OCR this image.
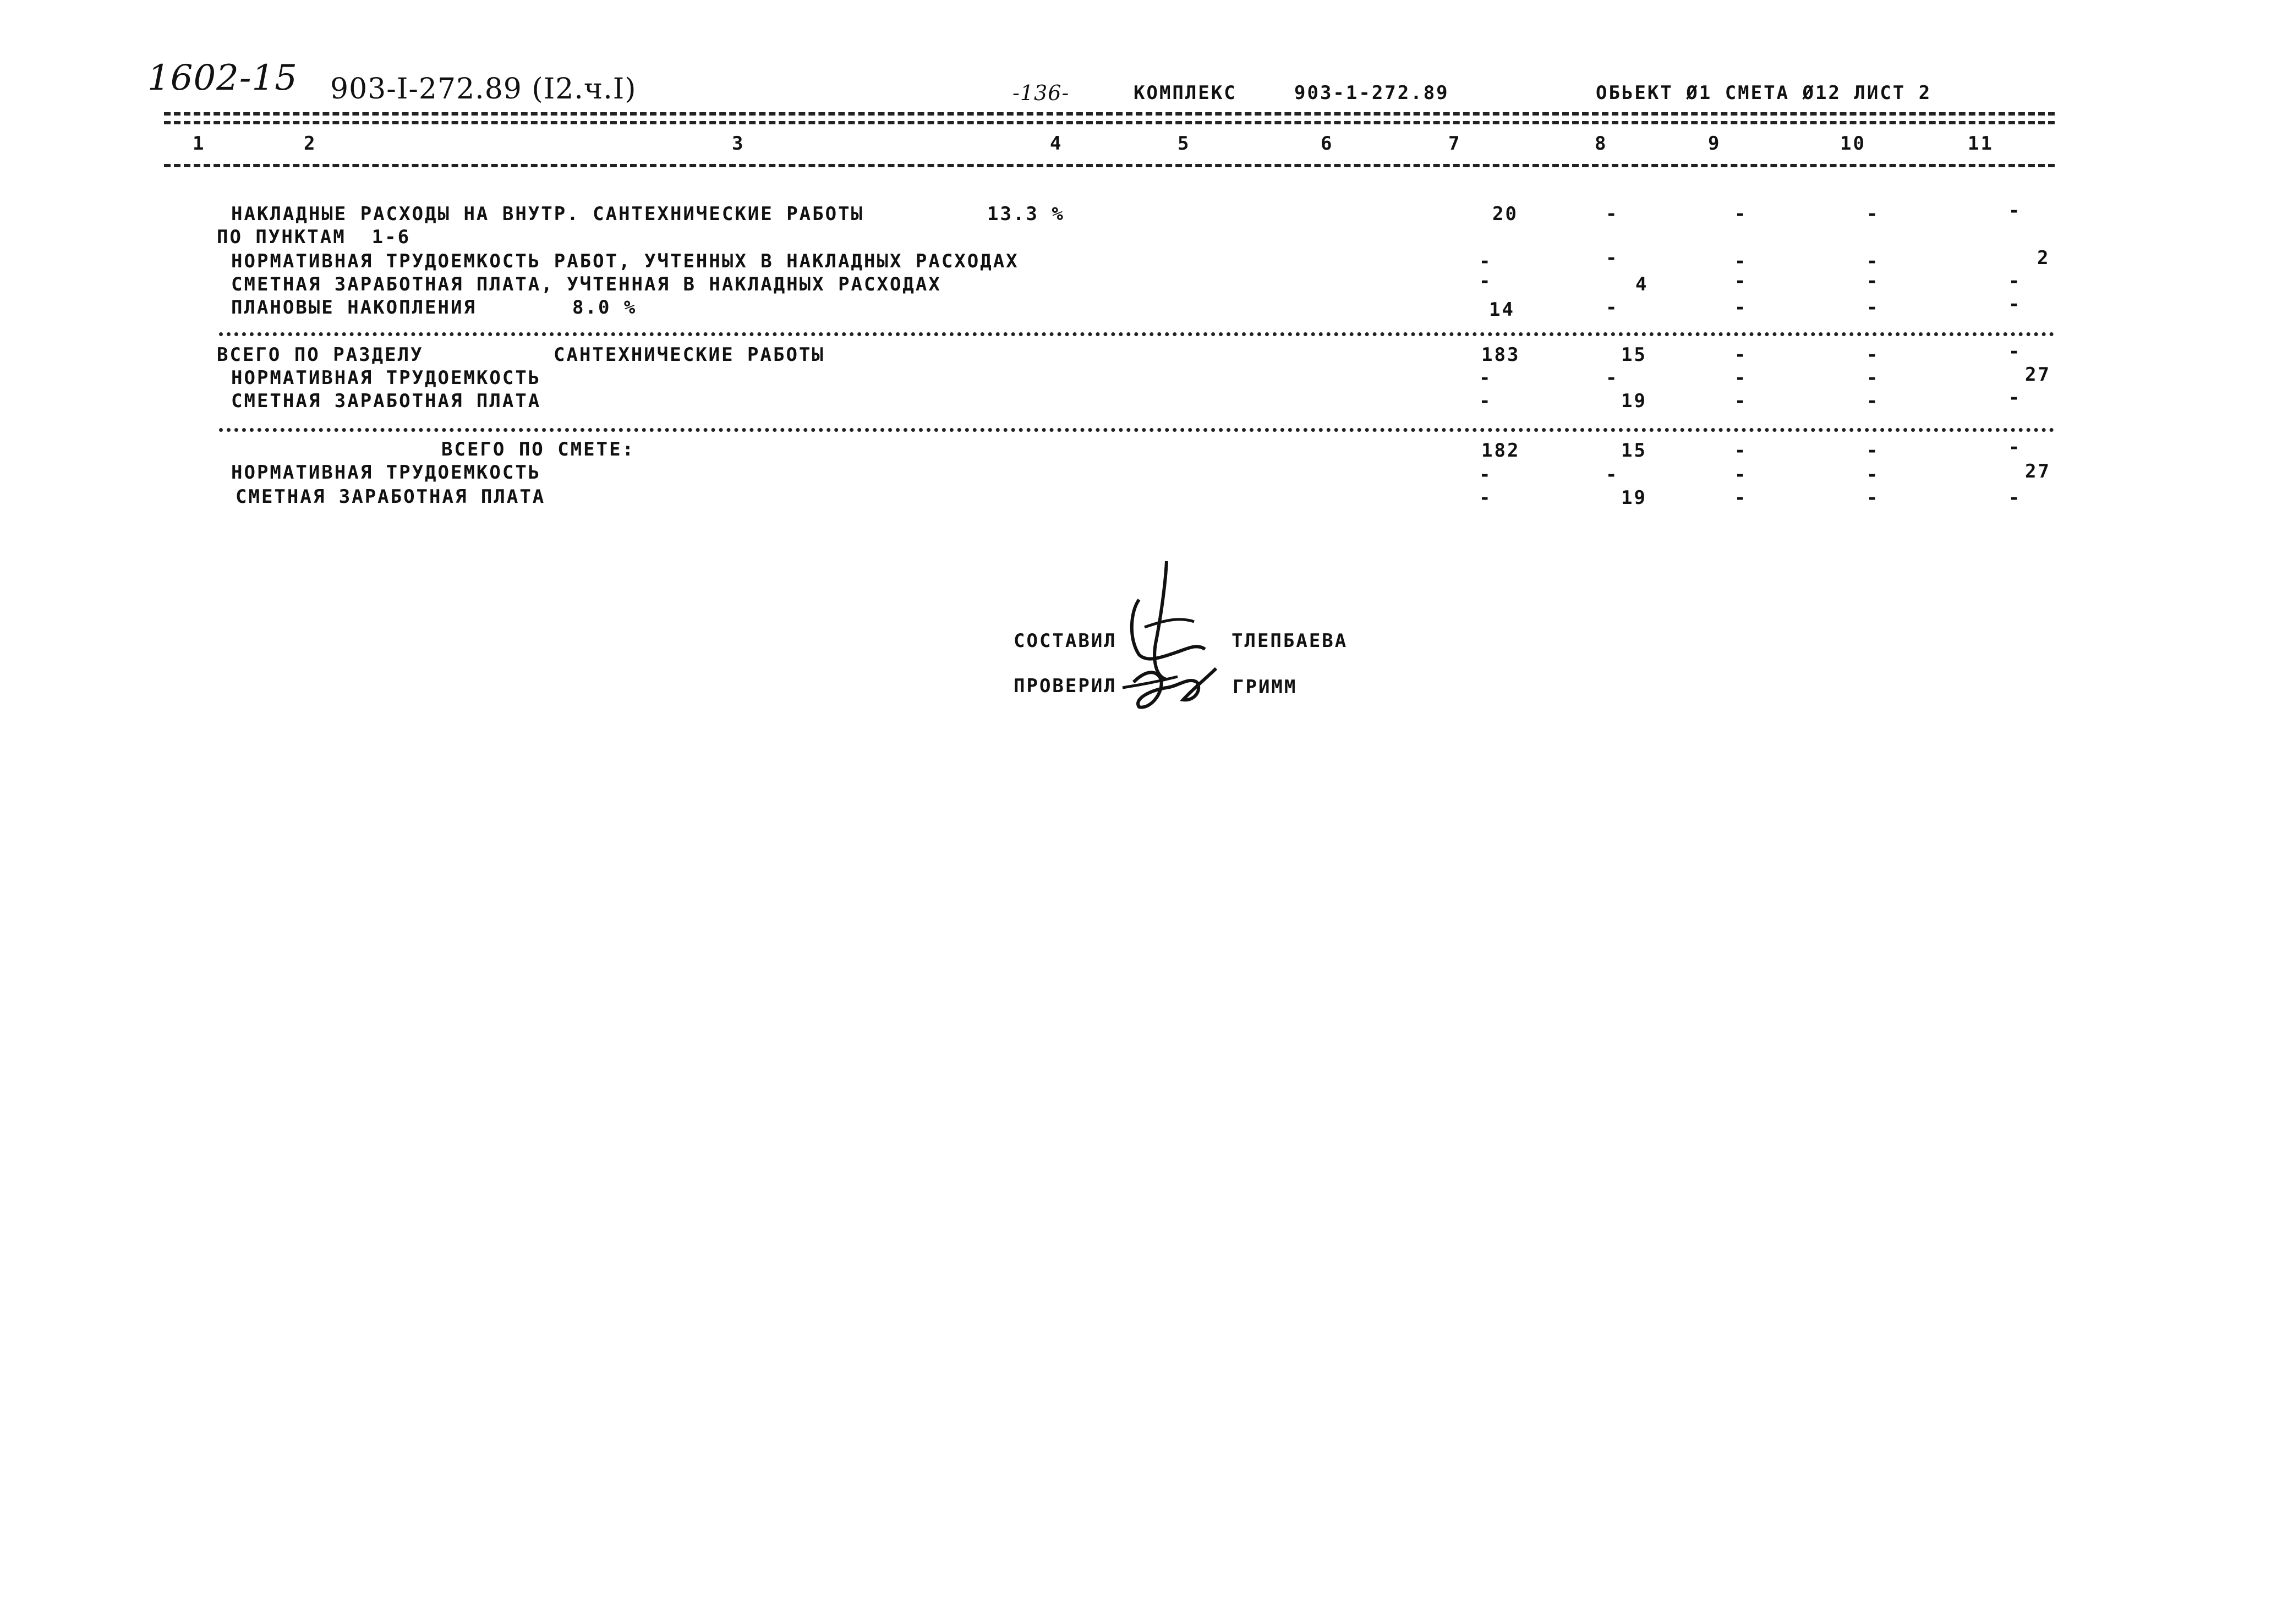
1602-15 903-I-272.89 (I2.ч.I)	-136-	КОМПЛЕКС	903-1-272.89	ОБЬЕКТ Ø1 СМЕТА Ø12 ЛИСТ 2
1	2	3	4	5	6	7	8	9	10	11
НАКЛАДНЫЕ РАСХОДЫ НА ВНУТР. САНТЕХНИЧЕСКИЕ РАБОТЫ	13.3 %	20	-	-	-	-
ПО ПУНКТАМ  1-6
НОРМАТИВНАЯ ТРУДОЕМКОСТЬ РАБОТ, УЧТЕННЫХ В НАКЛАДНЫХ РАСХОДАХ	-	-	-	-	2
СМЕТНАЯ ЗАРАБОТНАЯ ПЛАТА, УЧТЕННАЯ В НАКЛАДНЫХ РАСХОДАХ	-	4	-	-	-
ПЛАНОВЫЕ НАКОПЛЕНИЯ	8.0 %	14	-	-	-	-
ВСЕГО ПО РАЗДЕЛУ	САНТЕХНИЧЕСКИЕ РАБОТЫ	183	15	-	-	-
НОРМАТИВНАЯ ТРУДОЕМКОСТЬ	-	-	-	-	27
СМЕТНАЯ ЗАРАБОТНАЯ ПЛАТА	-	19	-	-	-
ВСЕГО ПО СМЕТЕ:	182	15	-	-	-
НОРМАТИВНАЯ ТРУДОЕМКОСТЬ	-	-	-	-	27
СМЕТНАЯ ЗАРАБОТНАЯ ПЛАТА	-	19	-	-	-
СОСТАВИЛ	ТЛЕПБАЕВА
ПРОВЕРИЛ	ГРИММ
